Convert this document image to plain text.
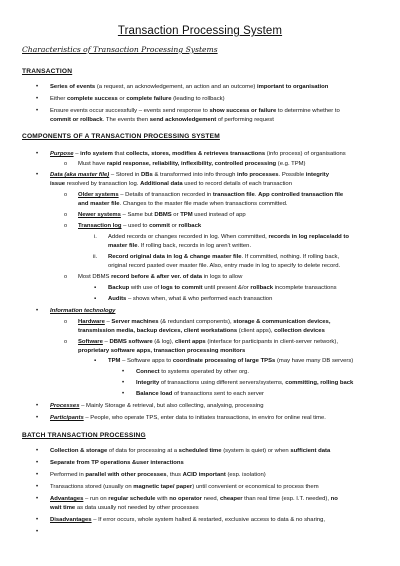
Transaction Processing System
Characteristics of Transaction Processing Systems
TRANSACTION
• Series of events (a request, an acknowledgement, an action and an outcome) important to organisation
• Either complete success or complete failure (leading to rollback)
• Ensure events occur successfully – events send response to show success or failure to determine whether to
commit or rollback. The events then send acknowledgement of performing request
COMPONENTS OF A TRANSACTION PROCESSING SYSTEM
• Purpose – info system that collects, stores, modifies & retrieves transactions (info process) of organisations
o Must have rapid response, reliability, inflexibility, controlled processing (e.g. TPM)
• Data (aka master file) – Stored in DBs & transformed into info through info processes. Possible integrity
issue resolved by transaction log. Additional data used to record details of each transaction
o Older systems – Details of transaction recorded in transaction file. App controlled transaction file
and master file. Changes to the master file made when transactions committed.
o Newer systems – Same but DBMS or TPM used instead of app
o Transaction log – used to commit or rollback
i. Added records or changes recorded in log. When committed, records in log replace/add to
master file. If rolling back, records in log aren’t written.
ii. Record original data in log & change master file. If committed, nothing. If rolling back,
original record pasted over master file. Also, entry made in log to specify to delete record.
o Most DBMS record before & after ver. of data in logs to allow
▪ Backup with use of logs to commit until present &/or rollback incomplete transactions
▪ Audits – shows when, what & who performed each transaction
• Information technology
o Hardware – Server machines (& redundant components), storage & communication devices,
transmission media, backup devices, client workstations (client apps), collection devices
o Software – DBMS software (& log), client apps (interface for participants in client-server network),
proprietary software apps, transaction processing monitors
▪ TPM – Software apps to coordinate processing of large TPSs (may have many DB servers)
• Connect to systems operated by other org.
• Integrity of transactions using different servers/systems, committing, rolling back
• Balance load of transactions sent to each server
• Processes – Mainly Storage & retrieval, but also collecting, analysing, processing
• Participants – People, who operate TPS, enter data to initiates transactions, in enviro for online real time.
BATCH TRANSACTION PROCESSING
• Collection & storage of data for processing at a scheduled time (system is quiet) or when sufficient data
• Separate from TP operations &user interactions
• Performed in parallel with other processes, thus ACID important (esp. isolation)
• Transactions stored (usually on magnetic tape/ paper) until convenient or economical to process them
• Advantages – run on regular schedule with no operator need, cheaper than real time (esp. I.T. needed), no
wait time as data usually not needed by other processes
• Disadvantages – If error occurs, whole system halted & restarted, exclusive access to data & no sharing,
•
